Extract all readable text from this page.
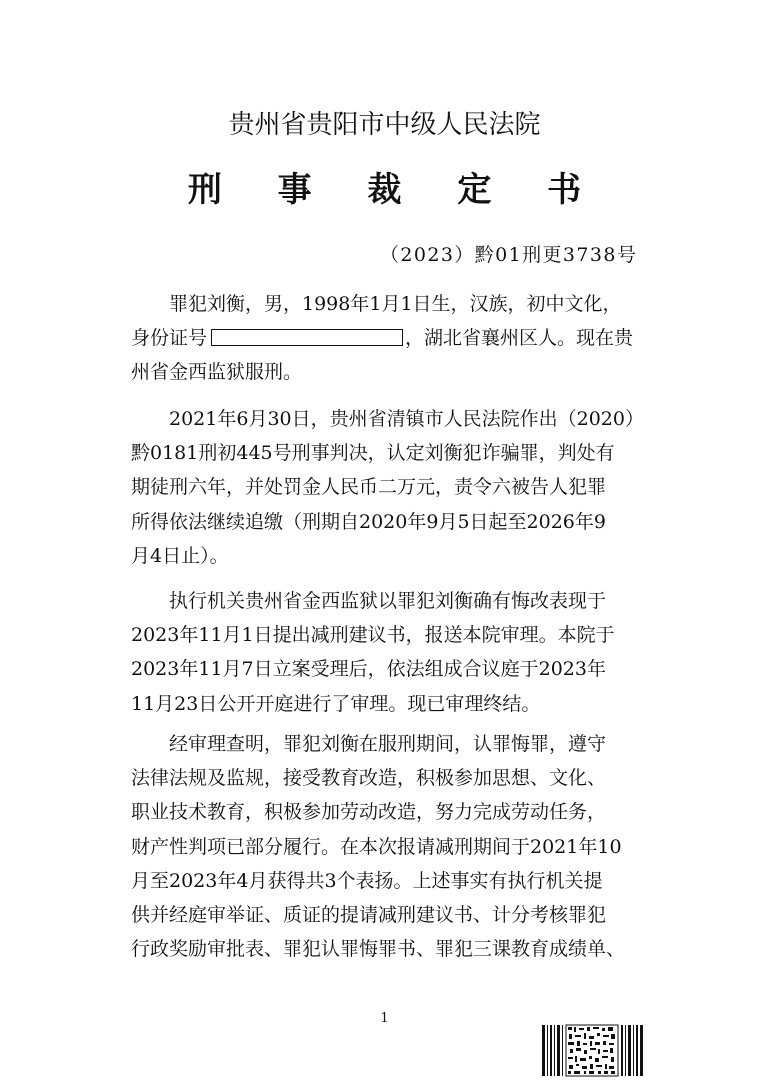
贵州省贵阳市中级人民法院
刑 事 裁 定 书
（2023）黔01刑更3738号
罪犯刘衡，男，1998年1月1日生，汉族，初中文化，
身份证号	，湖北省襄州区人。现在贵
州省金西监狱服刑。
2021年6月30日，贵州省清镇市人民法院作出（2020）
黔0181刑初445号刑事判决，认定刘衡犯诈骗罪，判处有
期徒刑六年，并处罚金人民币二万元，责令六被告人犯罪
所得依法继续追缴（刑期自2020年9月5日起至2026年9
月4日止）。
执行机关贵州省金西监狱以罪犯刘衡确有悔改表现于
2023年11月1日提出减刑建议书，报送本院审理。本院于
2023年11月7日立案受理后，依法组成合议庭于2023年
11月23日公开开庭进行了审理。现已审理终结。
经审理查明，罪犯刘衡在服刑期间，认罪悔罪，遵守
法律法规及监规，接受教育改造，积极参加思想、文化、
职业技术教育，积极参加劳动改造，努力完成劳动任务，
财产性判项已部分履行。在本次报请减刑期间于2021年10
月至2023年4月获得共3个表扬。上述事实有执行机关提
供并经庭审举证、质证的提请减刑建议书、计分考核罪犯
行政奖励审批表、罪犯认罪悔罪书、罪犯三课教育成绩单、
1
